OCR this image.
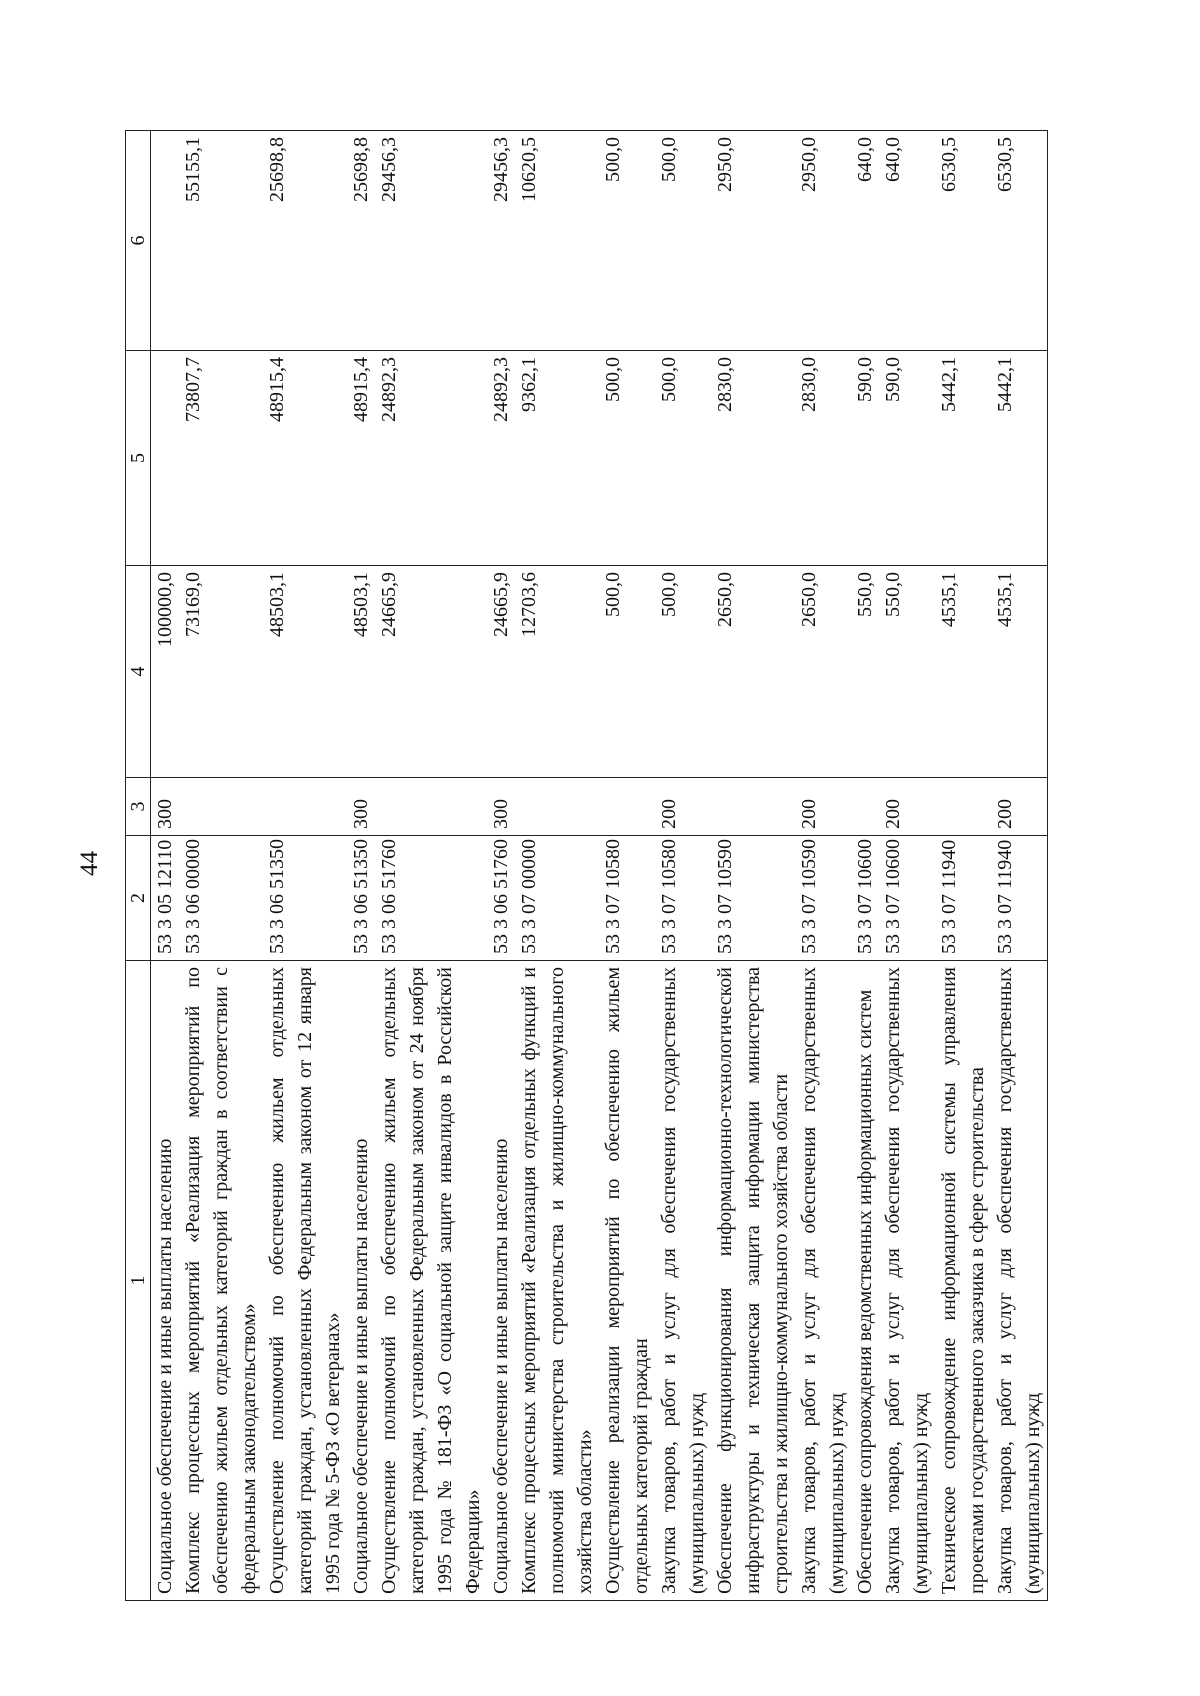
44
1	2	3	4	5	6
Социальное обеспечение и иные выплаты населению	53 3 05 12110	300	100000,0		
Комплекс процессных мероприятий «Реализация мероприятий по обеспечению жильем отдельных категорий граждан в соответствии с федеральным законодательством»	53 3 06 00000		73169,0	73807,7	55155,1
Осуществление полномочий по обеспечению жильем отдельных категорий граждан, установленных Федеральным законом от 12 января 1995 года № 5-ФЗ «О ветеранах»	53 3 06 51350		48503,1	48915,4	25698,8
Социальное обеспечение и иные выплаты населению	53 3 06 51350	300	48503,1	48915,4	25698,8
Осуществление полномочий по обеспечению жильем отдельных категорий граждан, установленных Федеральным законом от 24 ноября 1995 года № 181-ФЗ «О социальной защите инвалидов в Российской Федерации»	53 3 06 51760		24665,9	24892,3	29456,3
Социальное обеспечение и иные выплаты населению	53 3 06 51760	300	24665,9	24892,3	29456,3
Комплекс процессных мероприятий «Реализация отдельных функций и полномочий министерства строительства и жилищно-коммунального хозяйства области»	53 3 07 00000		12703,6	9362,1	10620,5
Осуществление реализации мероприятий по обеспечению жильем отдельных категорий граждан	53 3 07 10580		500,0	500,0	500,0
Закупка товаров, работ и услуг для обеспечения государственных (муниципальных) нужд	53 3 07 10580	200	500,0	500,0	500,0
Обеспечение функционирования информационно-технологической инфраструктуры и техническая защита информации министерства строительства и жилищно-коммунального хозяйства области	53 3 07 10590		2650,0	2830,0	2950,0
Закупка товаров, работ и услуг для обеспечения государственных (муниципальных) нужд	53 3 07 10590	200	2650,0	2830,0	2950,0
Обеспечение сопровождения ведомственных информационных систем	53 3 07 10600		550,0	590,0	640,0
Закупка товаров, работ и услуг для обеспечения государственных (муниципальных) нужд	53 3 07 10600	200	550,0	590,0	640,0
Техническое сопровождение информационной системы управления проектами государственного заказчика в сфере строительства	53 3 07 11940		4535,1	5442,1	6530,5
Закупка товаров, работ и услуг для обеспечения государственных (муниципальных) нужд	53 3 07 11940	200	4535,1	5442,1	6530,5
